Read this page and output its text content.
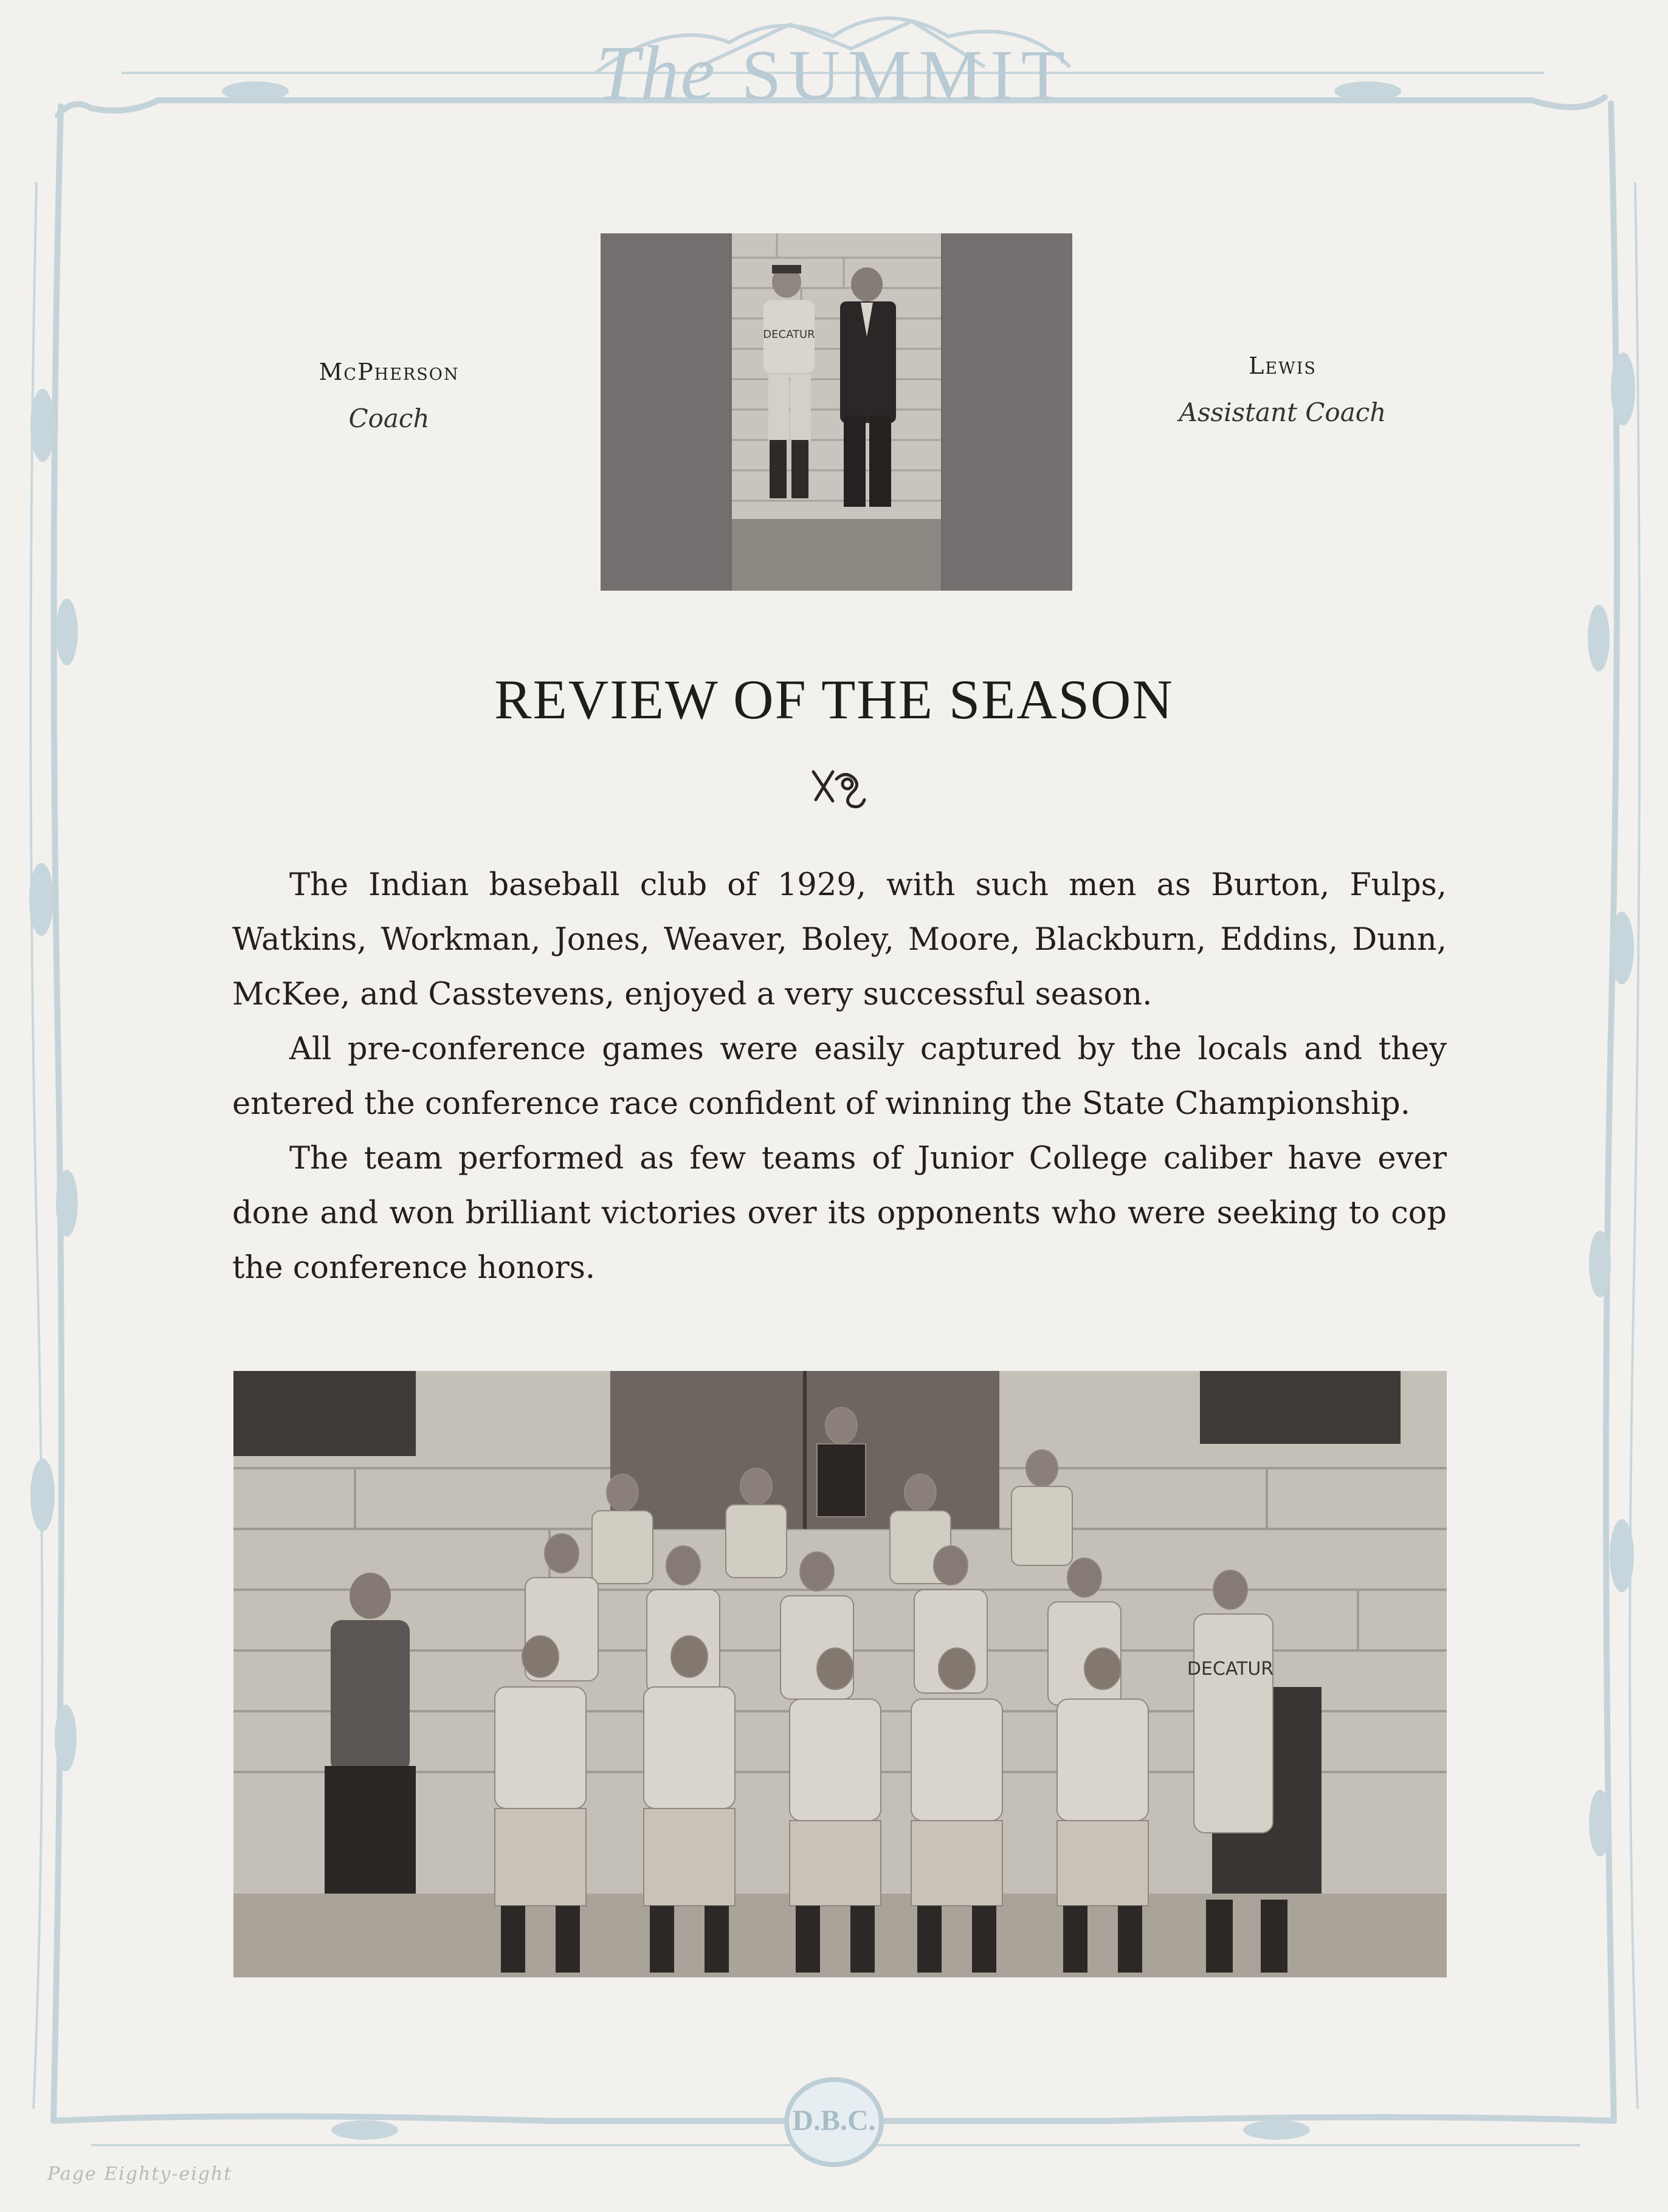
The SUMMIT
D.B.C.
McPherson
Coach
Lewis
Assistant Coach
DECATUR
REVIEW OF THE SEASON

The Indian baseball club of 1929, with such men as Burton, Fulps, Watkins, Workman, Jones, Weaver, Boley, Moore, Blackburn, Eddins, Dunn, McKee, and Casstevens, enjoyed a very successful season.

All pre-conference games were easily captured by the locals and they entered the conference race confident of winning the State Championship.

The team performed as few teams of Junior College caliber have ever done and won brilliant victories over its opponents who were seeking to cop the conference honors.

DECATUR
Page Eighty-eight
